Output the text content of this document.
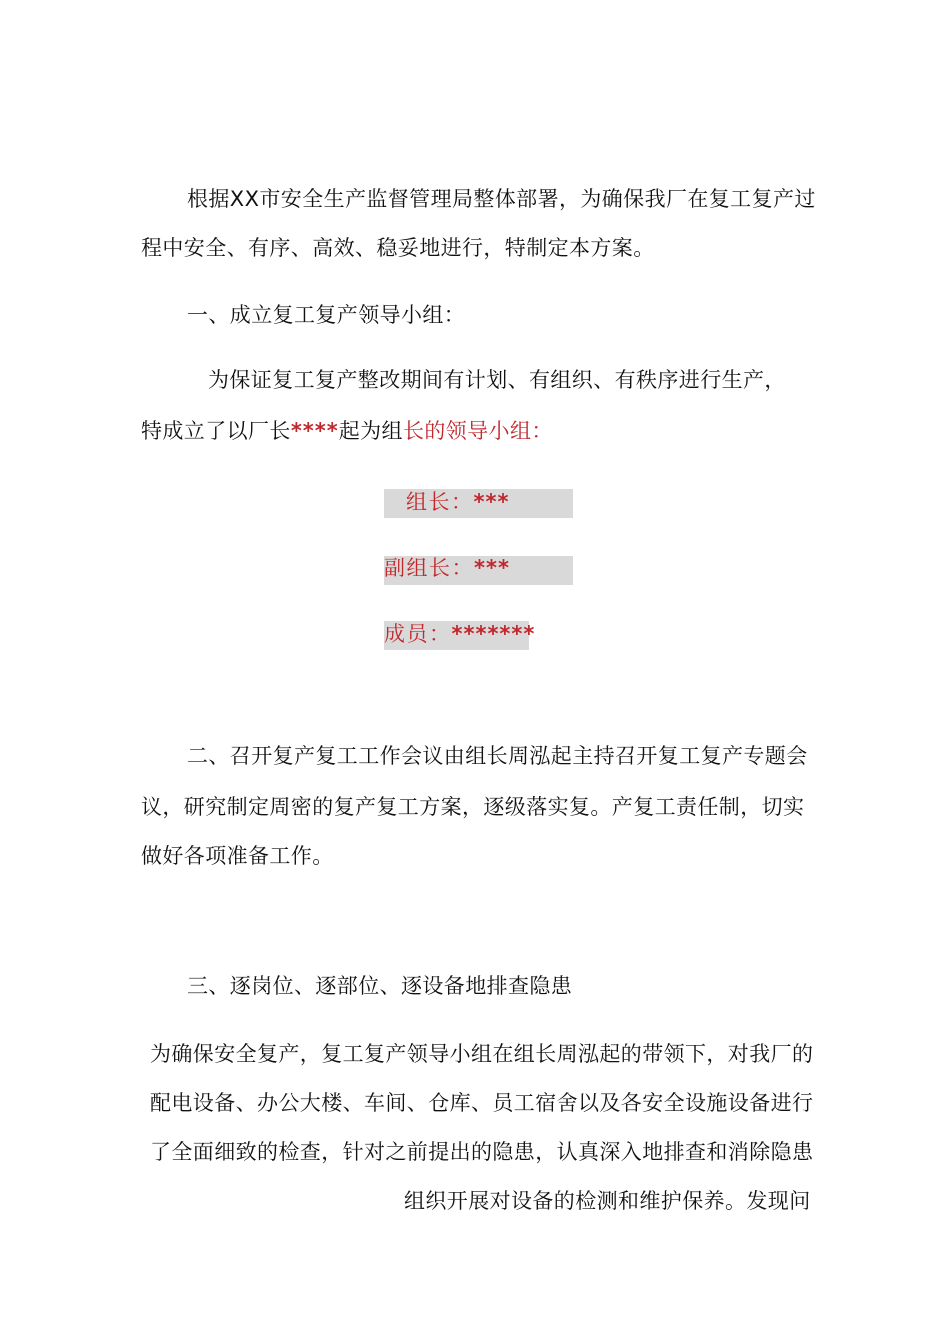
根据XX市安全生产监督管理局整体部署，为确保我厂在复工复产过
程中安全、有序、高效、稳妥地进行，特制定本方案。
一、成立复工复产领导小组：
为保证复工复产整改期间有计划、有组织、有秩序进行生产，
特成立了以厂长****起为组长的领导小组：
组长：***
副组长：***
成员：*******
二、召开复产复工工作会议由组长周泓起主持召开复工复产专题会
议，研究制定周密的复产复工方案，逐级落实复。产复工责任制，切实
做好各项准备工作。
三、逐岗位、逐部位、逐设备地排查隐患
为确保安全复产，复工复产领导小组在组长周泓起的带领下，对我厂的
配电设备、办公大楼、车间、仓库、员工宿舍以及各安全设施设备进行
了全面细致的检查，针对之前提出的隐患，认真深入地排查和消除隐患
组织开展对设备的检测和维护保养。发现问
